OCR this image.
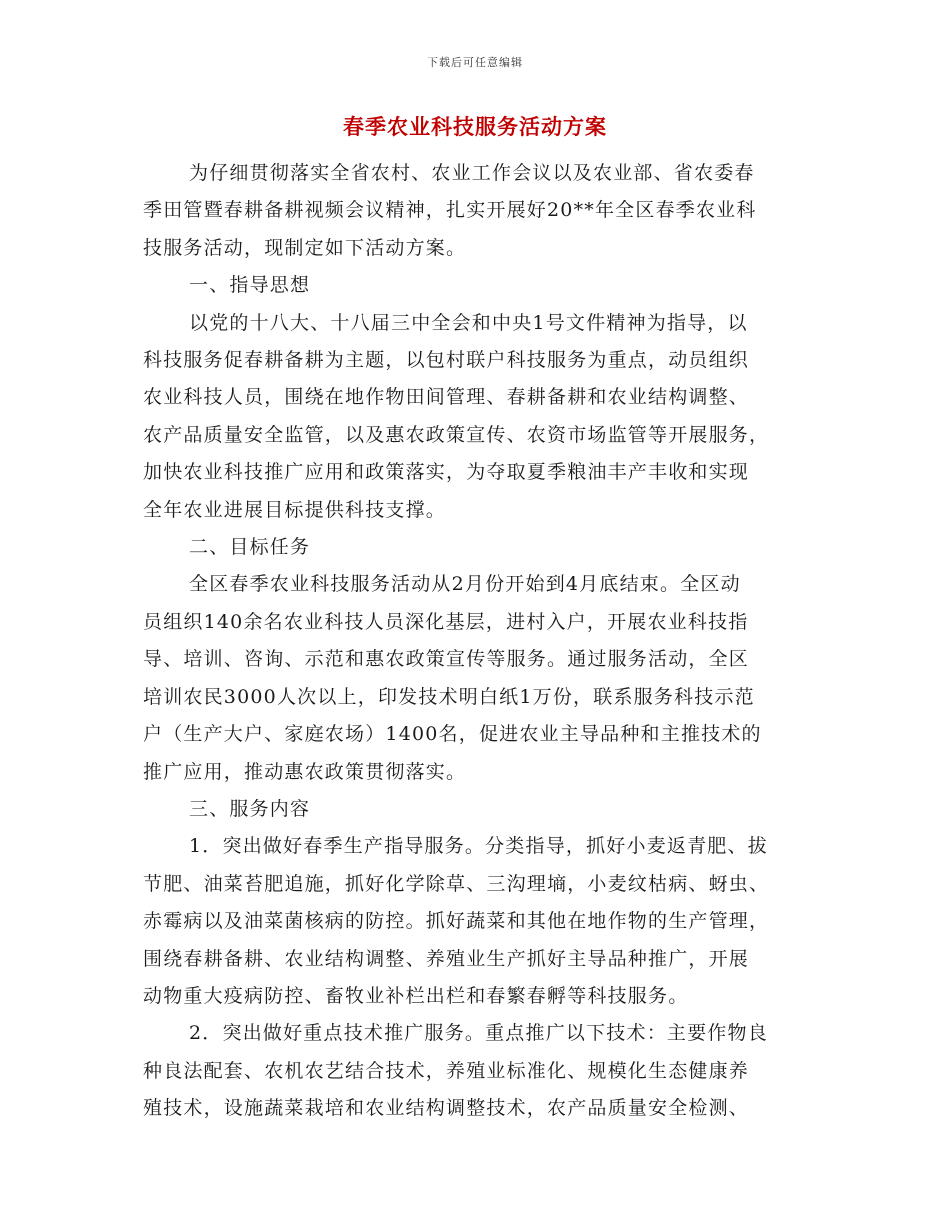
下载后可任意编辑
春季农业科技服务活动方案
为仔细贯彻落实全省农村、农业工作会议以及农业部、省农委春
季田管暨春耕备耕视频会议精神，扎实开展好20**年全区春季农业科
技服务活动，现制定如下活动方案。
一、指导思想
以党的十八大、十八届三中全会和中央1号文件精神为指导，以
科技服务促春耕备耕为主题，以包村联户科技服务为重点，动员组织
农业科技人员，围绕在地作物田间管理、春耕备耕和农业结构调整、
农产品质量安全监管，以及惠农政策宣传、农资市场监管等开展服务，
加快农业科技推广应用和政策落实，为夺取夏季粮油丰产丰收和实现
全年农业进展目标提供科技支撑。
二、目标任务
全区春季农业科技服务活动从2月份开始到4月底结束。全区动
员组织140余名农业科技人员深化基层，进村入户，开展农业科技指
导、培训、咨询、示范和惠农政策宣传等服务。通过服务活动，全区
培训农民3000人次以上，印发技术明白纸1万份，联系服务科技示范
户（生产大户、家庭农场）1400名，促进农业主导品种和主推技术的
推广应用，推动惠农政策贯彻落实。
三、服务内容
1．突出做好春季生产指导服务。分类指导，抓好小麦返青肥、拔
节肥、油菜苔肥追施，抓好化学除草、三沟理墒，小麦纹枯病、蚜虫、
赤霉病以及油菜菌核病的防控。抓好蔬菜和其他在地作物的生产管理，
围绕春耕备耕、农业结构调整、养殖业生产抓好主导品种推广，开展
动物重大疫病防控、畜牧业补栏出栏和春繁春孵等科技服务。
2．突出做好重点技术推广服务。重点推广以下技术：主要作物良
种良法配套、农机农艺结合技术，养殖业标准化、规模化生态健康养
殖技术，设施蔬菜栽培和农业结构调整技术，农产品质量安全检测、
